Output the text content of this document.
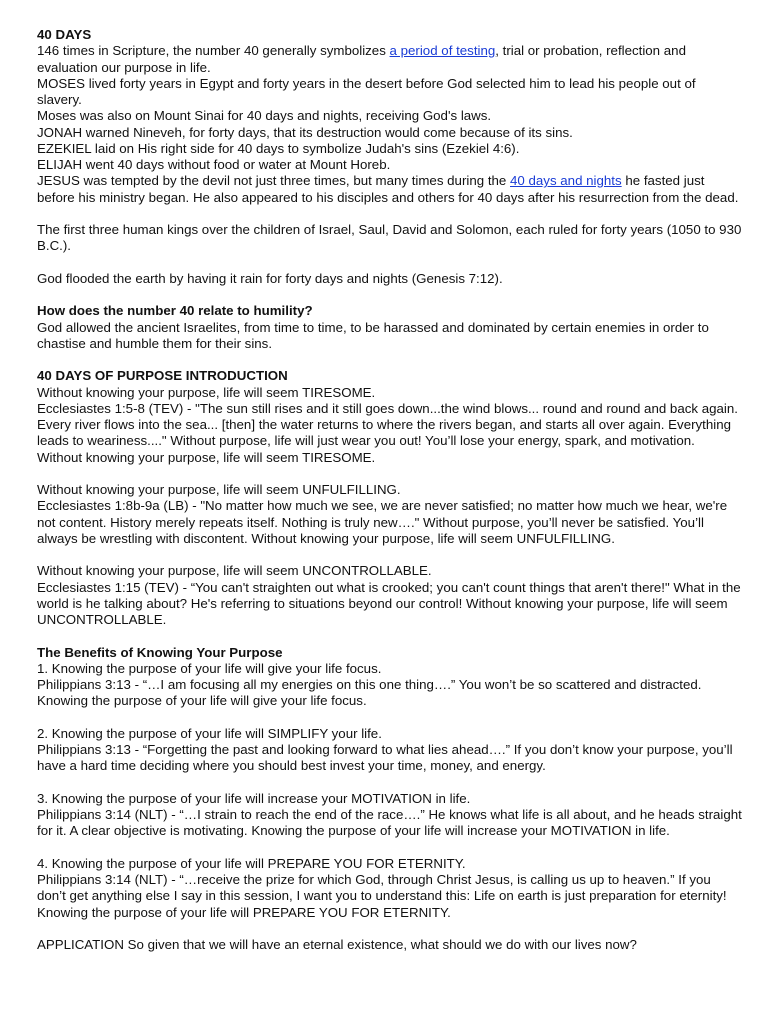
40 DAYS

146 times in Scripture, the number 40 generally symbolizes a period of testing, trial or probation, reflection and evaluation our purpose in life.

MOSES lived forty years in Egypt and forty years in the desert before God selected him to lead his people out of slavery.

Moses was also on Mount Sinai for 40 days and nights, receiving God's laws.

JONAH warned Nineveh, for forty days, that its destruction would come because of its sins.

EZEKIEL laid on His right side for 40 days to symbolize Judah's sins (Ezekiel 4:6).

ELIJAH went 40 days without food or water at Mount Horeb.

JESUS was tempted by the devil not just three times, but many times during the 40 days and nights he fasted just before his ministry began. He also appeared to his disciples and others for 40 days after his resurrection from the dead.

The first three human kings over the children of Israel, Saul, David and Solomon, each ruled for forty years (1050 to 930 B.C.).

God flooded the earth by having it rain for forty days and nights (Genesis 7:12).

How does the number 40 relate to humility?

God allowed the ancient Israelites, from time to time, to be harassed and dominated by certain enemies in order to chastise and humble them for their sins.

40 DAYS OF PURPOSE INTRODUCTION

Without knowing your purpose, life will seem TIRESOME.

Ecclesiastes 1:5-8 (TEV) - "The sun still rises and it still goes down...the wind blows... round and round and back again. Every river flows into the sea... [then] the water returns to where the rivers began, and starts all over again. Everything leads to weariness...." Without purpose, life will just wear you out! You’ll lose your energy, spark, and motivation. Without knowing your purpose, life will seem TIRESOME.

Without knowing your purpose, life will seem UNFULFILLING.

Ecclesiastes 1:8b-9a (LB) - "No matter how much we see, we are never satisfied; no matter how much we hear, we're not content. History merely repeats itself. Nothing is truly new…." Without purpose, you’ll never be satisfied. You’ll always be wrestling with discontent. Without knowing your purpose, life will seem UNFULFILLING.

Without knowing your purpose, life will seem UNCONTROLLABLE.

Ecclesiastes 1:15 (TEV) - “You can't straighten out what is crooked; you can't count things that aren't there!" What in the world is he talking about? He's referring to situations beyond our control! Without knowing your purpose, life will seem UNCONTROLLABLE.

The Benefits of Knowing Your Purpose

1. Knowing the purpose of your life will give your life focus.

Philippians 3:13 - “…I am focusing all my energies on this one thing….” You won’t be so scattered and distracted. Knowing the purpose of your life will give your life focus.

2. Knowing the purpose of your life will SIMPLIFY your life.

Philippians 3:13 - “Forgetting the past and looking forward to what lies ahead….” If you don’t know your purpose, you’ll have a hard time deciding where you should best invest your time, money, and energy.

3. Knowing the purpose of your life will increase your MOTIVATION in life.

Philippians 3:14 (NLT) - “…I strain to reach the end of the race….” He knows what life is all about, and he heads straight for it. A clear objective is motivating. Knowing the purpose of your life will increase your MOTIVATION in life.

4. Knowing the purpose of your life will PREPARE YOU FOR ETERNITY.

Philippians 3:14 (NLT) - “…receive the prize for which God, through Christ Jesus, is calling us up to heaven.” If you don’t get anything else I say in this session, I want you to understand this: Life on earth is just preparation for eternity! Knowing the purpose of your life will PREPARE YOU FOR ETERNITY.

APPLICATION So given that we will have an eternal existence, what should we do with our lives now?
